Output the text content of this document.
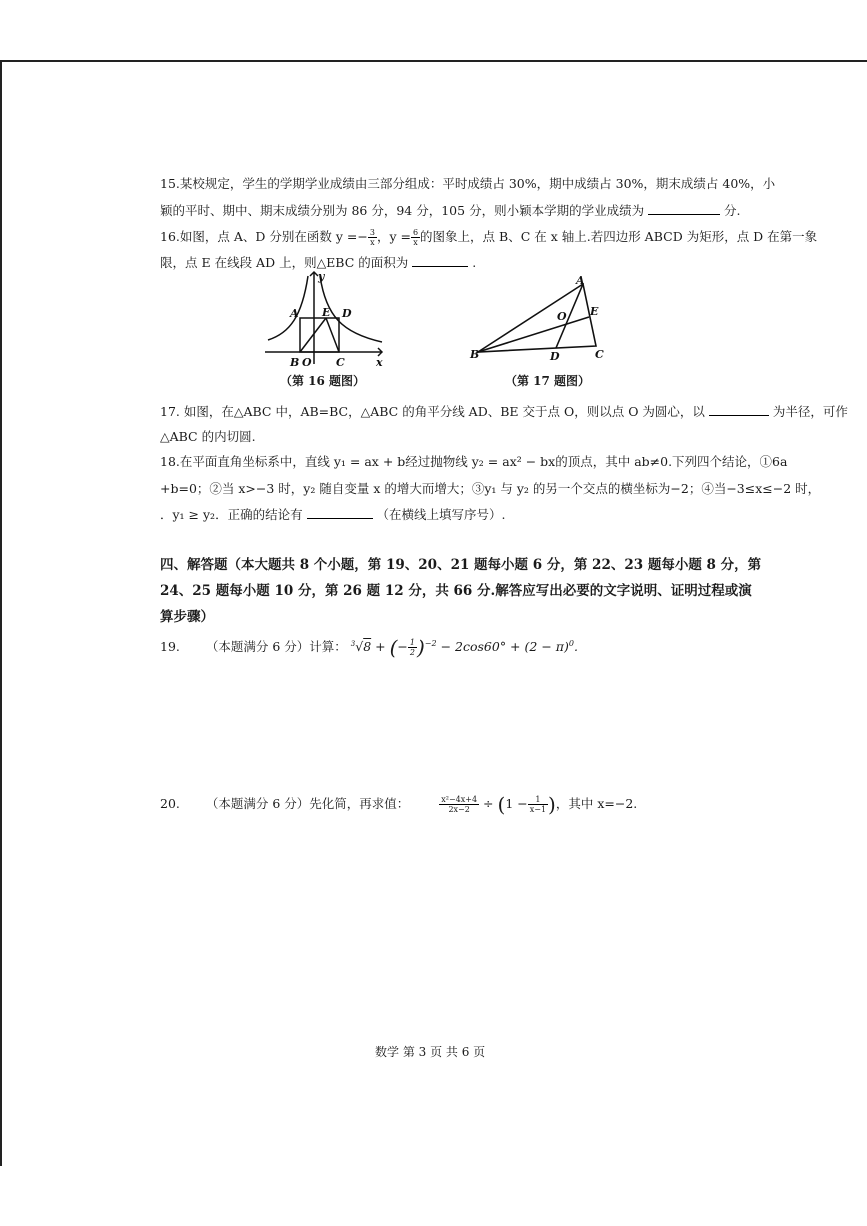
15.某校规定，学生的学期学业成绩由三部分组成：平时成绩占 30%，期中成绩占 30%，期末成绩占 40%，小
颖的平时、期中、期末成绩分别为 86 分，94 分，105 分，则小颖本学期的学业成绩为	分.
16.如图，点 A、D 分别在函数 $y =- \frac{3}{x}$ ，$y = \frac{6}{x}$ 的图象上，点 B、C 在 x 轴上.若四边形 ABCD 为矩形，点 D 在第一象
限，点 E 在线段 AD 上，则△EBC 的面积为	.
y
x
A E D
B O C
（第 16 题图）
A
O E
B	D	C
（第 17 题图）
17. 如图，在△ABC 中，AB=BC，△ABC 的角平分线 AD、BE 交于点 O，则以点 O 为圆心，以	为半径，可作
△ABC 的内切圆.
18.在平面直角坐标系中，直线 y₁ = ax + b经过抛物线 y₂ = ax² − bx的顶点，其中 ab≠0.下列四个结论，①6a
+b=0；②当 x>−3 时，y₂ 随自变量 x 的增大而增大；③y₁ 与 y₂ 的另一个交点的横坐标为−2；④当−3≤x≤−2 时，
．y₁ ≥ y₂．正确的结论有	（在横线上填写序号）.
四、解答题（本大题共 8 个小题，第 19、20、21 题每小题 6 分，第 22、23 题每小题 8 分，第
24、25 题每小题 10 分，第 26 题 12 分，共 66 分.解答应写出必要的文字说明、证明过程或演
算步骤）
19. （本题满分 6 分）计算： $^3$√8 + (− $\frac{1}{2} )^{-2} - 2\cos 60^\circ + (2 - \pi)^0$.
20. （本题满分 6 分）先化简，再求值：	$\frac{\text{x²−4x+4}}{2x-2} \div (1 - \frac{1}{x-1}$ )，其中 x=−2.
数学 第 3 页 共 6 页
